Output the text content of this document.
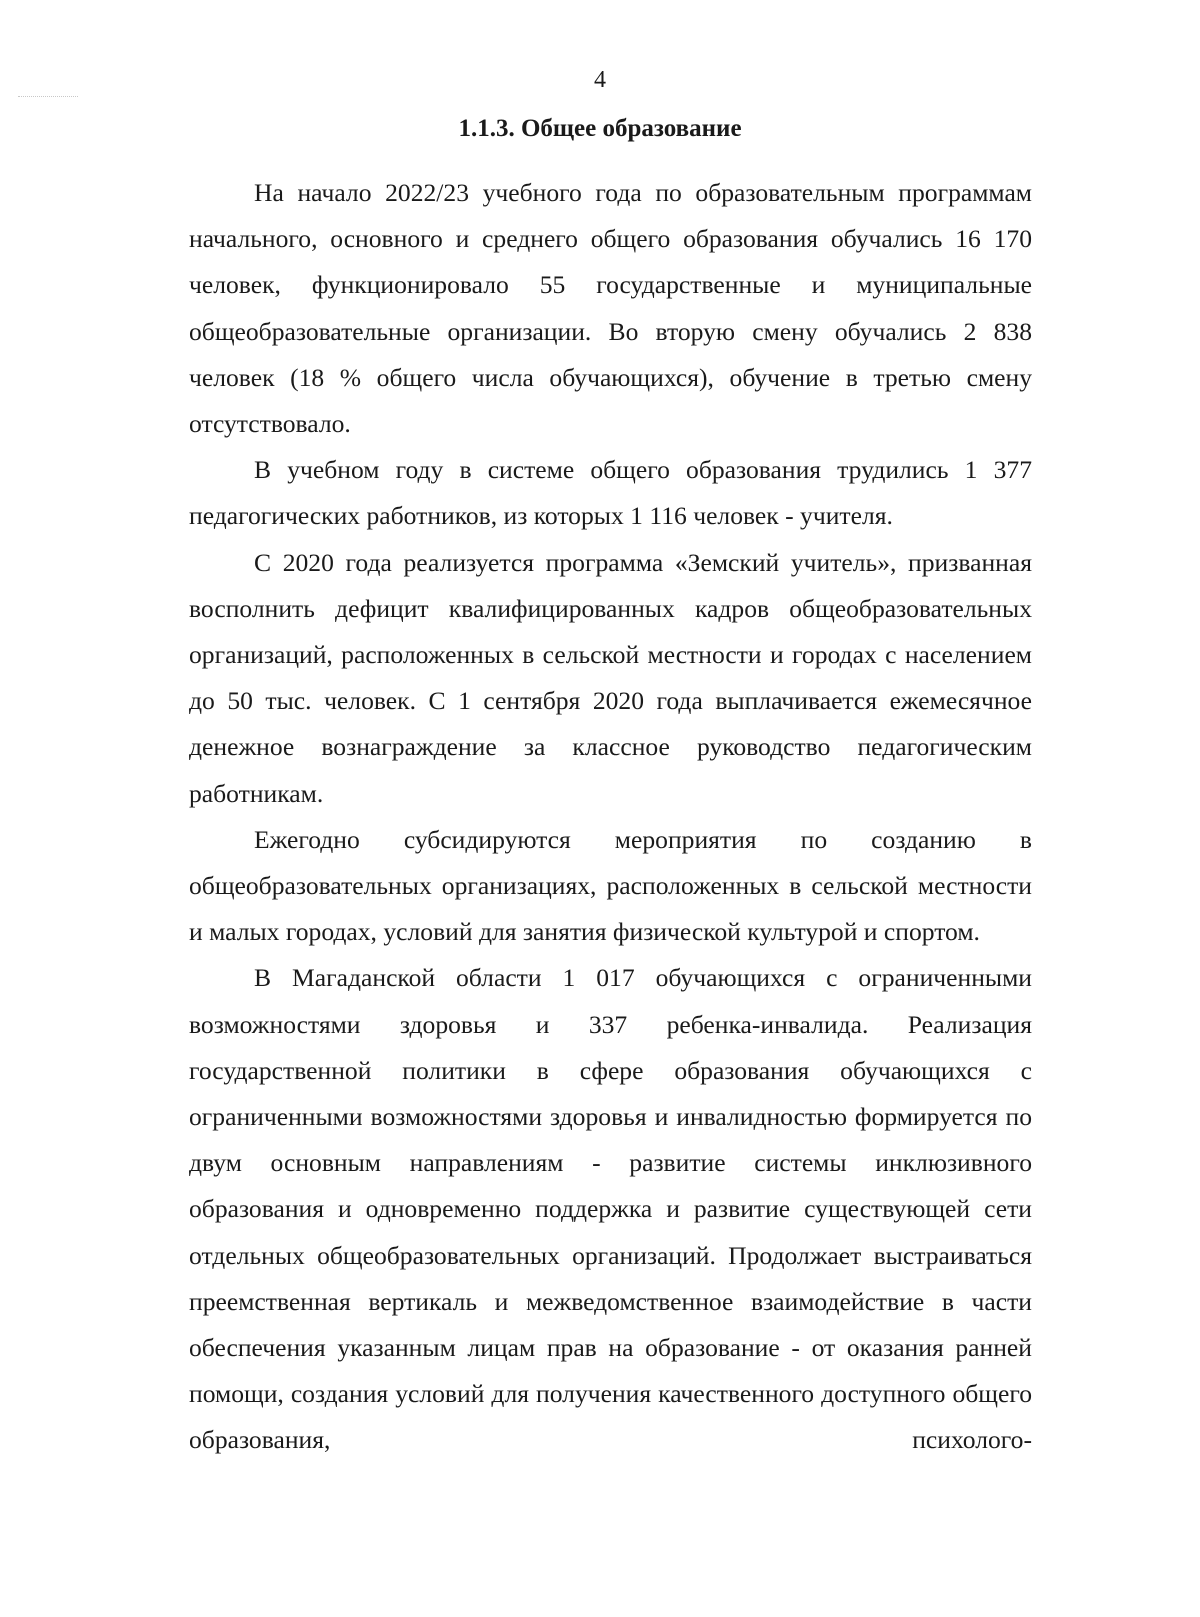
4
1.1.3. Общее образование

На начало 2022/23 учебного года по образовательным программам начального, основного и среднего общего образования обучались 16 170 человек, функционировало 55 государственные и муниципальные общеобразовательные организации. Во вторую смену обучались 2 838 человек (18 % общего числа обучающихся), обучение в третью смену отсутствовало.

В учебном году в системе общего образования трудились 1 377 педагогических работников, из которых 1 116 человек - учителя.

С 2020 года реализуется программа «Земский учитель», призванная восполнить дефицит квалифицированных кадров общеобразовательных организаций, расположенных в сельской местности и городах с населением до 50 тыс. человек. С 1 сентября 2020 года выплачивается ежемесячное денежное вознаграждение за классное руководство педагогическим работникам.

Ежегодно субсидируются мероприятия по созданию в общеобразовательных организациях, расположенных в сельской местности и малых городах, условий для занятия физической культурой и спортом.

В Магаданской области 1 017 обучающихся с ограниченными возможностями здоровья и 337 ребенка-инвалида. Реализация государственной политики в сфере образования обучающихся с ограниченными возможностями здоровья и инвалидностью формируется по двум основным направлениям - развитие системы инклюзивного образования и одновременно поддержка и развитие существующей сети отдельных общеобразовательных организаций. Продолжает выстраиваться преемственная вертикаль и межведомственное взаимодействие в части обеспечения указанным лицам прав на образование - от оказания ранней помощи, создания условий для получения качественного доступного общего образования, психолого-
